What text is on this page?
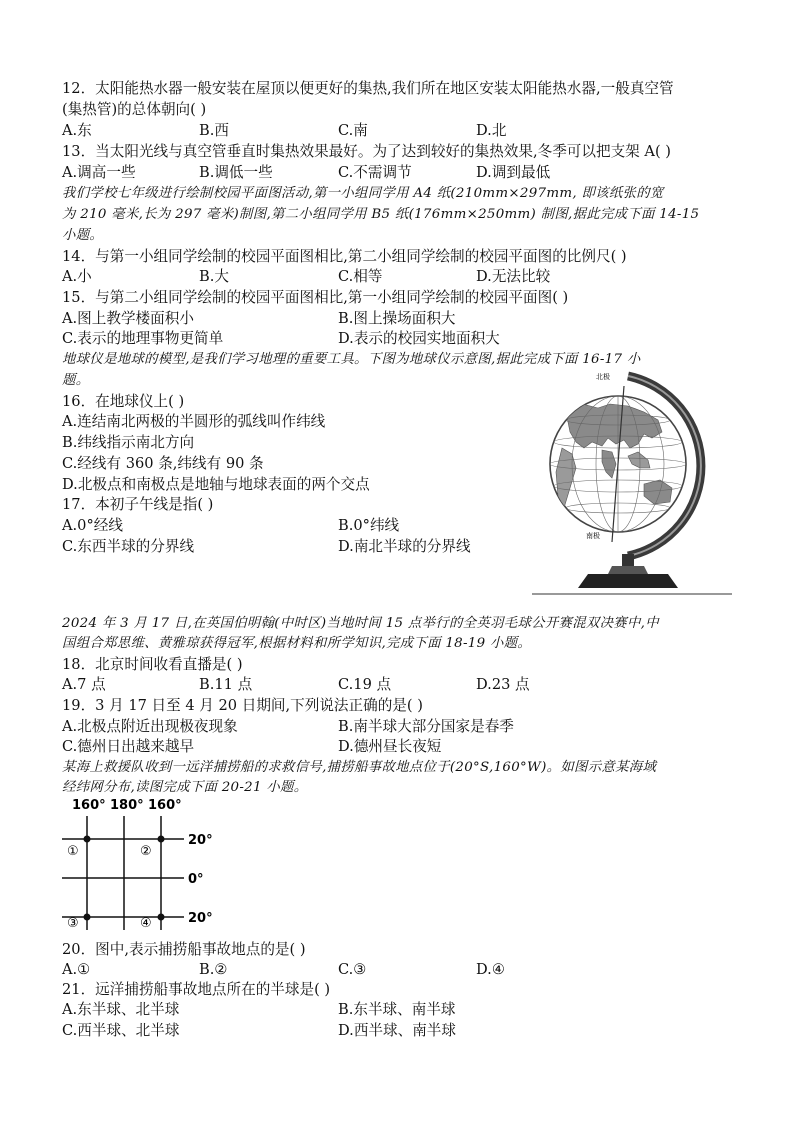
12．太阳能热水器一般安装在屋顶以便更好的集热,我们所在地区安装太阳能热水器,一般真空管
(集热管)的总体朝向( )
A.东	B.西	C.南	D.北
13．当太阳光线与真空管垂直时集热效果最好。为了达到较好的集热效果,冬季可以把支架 A( )
A.调高一些	B.调低一些	C.不需调节	D.调到最低
我们学校七年级进行绘制校园平面图活动,第一小组同学用 A4 纸(210mm×297mm, 即该纸张的宽
为 210 毫米,长为 297 毫米)制图,第二小组同学用 B5 纸(176mm×250mm) 制图,据此完成下面 14-15
小题。
14．与第一小组同学绘制的校园平面图相比,第二小组同学绘制的校园平面图的比例尺( )
A.小	B.大	C.相等	D.无法比较
15．与第二小组同学绘制的校园平面图相比,第一小组同学绘制的校园平面图( )
A.图上教学楼面积小	B.图上操场面积大
C.表示的地理事物更简单	D.表示的校园实地面积大
地球仪是地球的模型,是我们学习地理的重要工具。下图为地球仪示意图,据此完成下面 16-17 小
题。
16．在地球仪上( )
A.连结南北两极的半圆形的弧线叫作纬线
B.纬线指示南北方向
C.经线有 360 条,纬线有 90 条
D.北极点和南极点是地轴与地球表面的两个交点
17．本初子午线是指( )
A.0°经线	B.0°纬线
C.东西半球的分界线	D.南北半球的分界线
北极
南极
2024 年 3 月 17 日,在英国伯明翰(中时区)当地时间 15 点举行的全英羽毛球公开赛混双决赛中,中
国组合郑思维、黄雅琼获得冠军,根据材料和所学知识,完成下面 18-19 小题。
18．北京时间收看直播是( )
A.7 点	B.11 点	C.19 点	D.23 点
19．3 月 17 日至 4 月 20 日期间,下列说法正确的是( )
A.北极点附近出现极夜现象	B.南半球大部分国家是春季
C.德州日出越来越早	D.德州昼长夜短
某海上救援队收到一远洋捕捞船的求救信号,捕捞船事故地点位于(20°S,160°W)。如图示意某海域
经纬网分布,读图完成下面 20-21 小题。
160° 180° 160°
①	②
③	④
20°
0°
20°
20．图中,表示捕捞船事故地点的是( )
A.①	B.②	C.③	D.④
21．远洋捕捞船事故地点所在的半球是( )
A.东半球、北半球	B.东半球、南半球
C.西半球、北半球	D.西半球、南半球
